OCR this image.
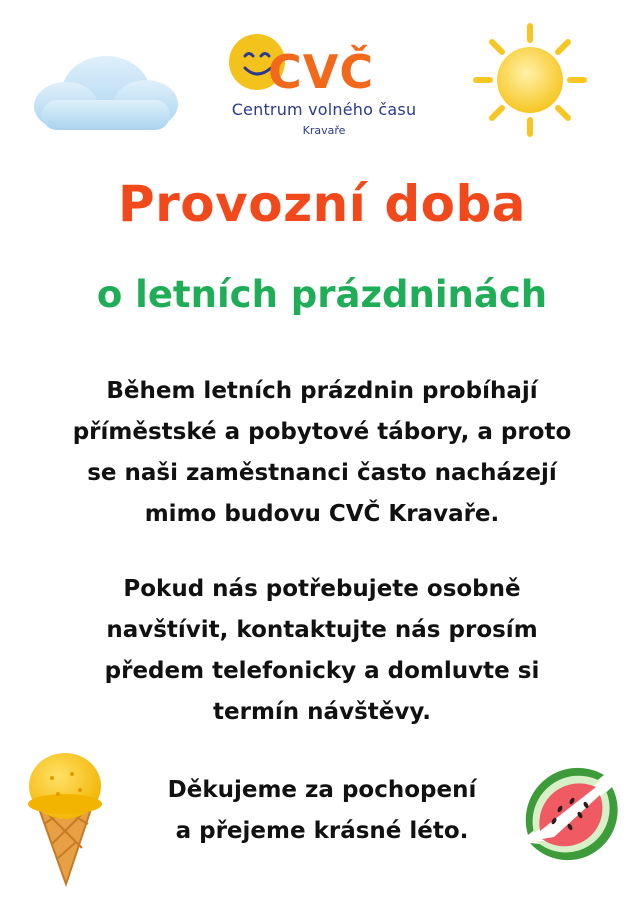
CVČ
Centrum volného času
Kravaře
Provozní doba
o letních prázdninách
Během letních prázdnin probíhají
příměstské a pobytové tábory, a proto
se naši zaměstnanci často nacházejí
mimo budovu CVČ Kravaře.
Pokud nás potřebujete osobně
navštívit, kontaktujte nás prosím
předem telefonicky a domluvte si
termín návštěvy.
Děkujeme za pochopení
a přejeme krásné léto.
